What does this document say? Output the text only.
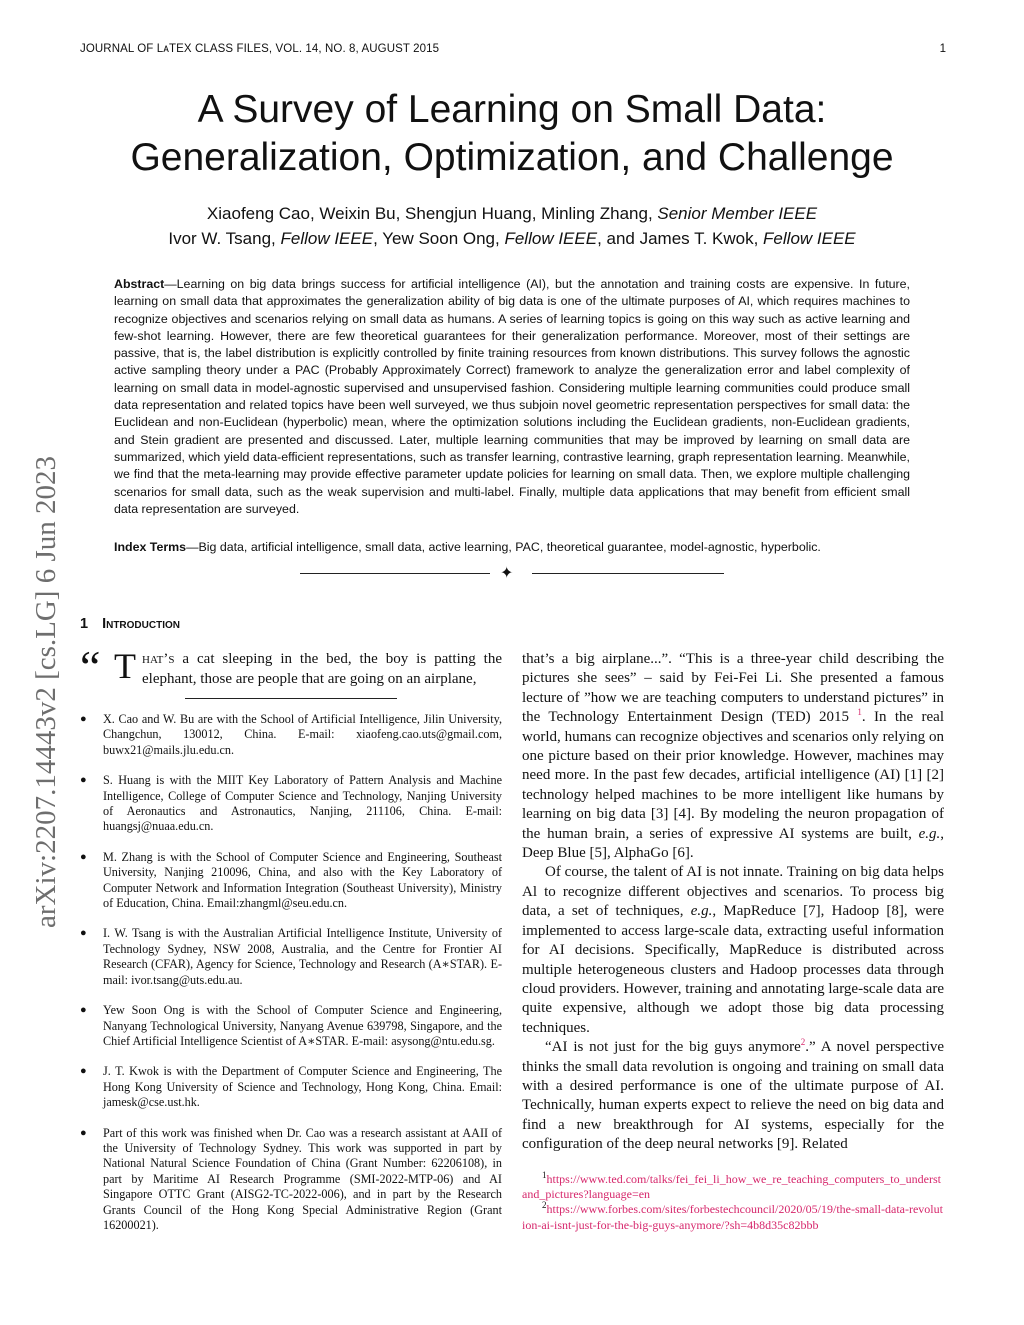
JOURNAL OF LᴀTEX CLASS FILES, VOL. 14, NO. 8, AUGUST 2015	1
arXiv:2207.14443v2 [cs.LG] 6 Jun 2023
A Survey of Learning on Small Data:
Generalization, Optimization, and Challenge
Xiaofeng Cao, Weixin Bu, Shengjun Huang, Minling Zhang, Senior Member IEEE
Ivor W. Tsang, Fellow IEEE, Yew Soon Ong, Fellow IEEE, and James T. Kwok, Fellow IEEE
Abstract—Learning on big data brings success for artificial intelligence (AI), but the annotation and training costs are expensive. In future, learning on small data that approximates the generalization ability of big data is one of the ultimate purposes of AI, which requires machines to recognize objectives and scenarios relying on small data as humans. A series of learning topics is going on this way such as active learning and few-shot learning. However, there are few theoretical guarantees for their generalization performance. Moreover, most of their settings are passive, that is, the label distribution is explicitly controlled by finite training resources from known distributions. This survey follows the agnostic active sampling theory under a PAC (Probably Approximately Correct) framework to analyze the generalization error and label complexity of learning on small data in model-agnostic supervised and unsupervised fashion. Considering multiple learning communities could produce small data representation and related topics have been well surveyed, we thus subjoin novel geometric representation perspectives for small data: the Euclidean and non-Euclidean (hyperbolic) mean, where the optimization solutions including the Euclidean gradients, non-Euclidean gradients, and Stein gradient are presented and discussed. Later, multiple learning communities that may be improved by learning on small data are summarized, which yield data-efficient representations, such as transfer learning, contrastive learning, graph representation learning. Meanwhile, we find that the meta-learning may provide effective parameter update policies for learning on small data. Then, we explore multiple challenging scenarios for small data, such as the weak supervision and multi-label. Finally, multiple data applications that may benefit from efficient small data representation are surveyed.
Index Terms—Big data, artificial intelligence, small data, active learning, PAC, theoretical guarantee, model-agnostic, hyperbolic.
✦
1 Introduction
“ T hat’s a cat sleeping in the bed, the boy is patting the elephant, those are people that are going on an airplane,
● X. Cao and W. Bu are with the School of Artificial Intelligence, Jilin University, Changchun, 130012, China. E-mail: xiaofeng.cao.uts@gmail.com, buwx21@mails.jlu.edu.cn.
● S. Huang is with the MIIT Key Laboratory of Pattern Analysis and Machine Intelligence, College of Computer Science and Technology, Nanjing University of Aeronautics and Astronautics, Nanjing, 211106, China. E-mail: huangsj@nuaa.edu.cn.
● M. Zhang is with the School of Computer Science and Engineering, Southeast University, Nanjing 210096, China, and also with the Key Laboratory of Computer Network and Information Integration (Southeast University), Ministry of Education, China. Email:zhangml@seu.edu.cn.
● I. W. Tsang is with the Australian Artificial Intelligence Institute, University of Technology Sydney, NSW 2008, Australia, and the Centre for Frontier AI Research (CFAR), Agency for Science, Technology and Research (A∗STAR). E-mail: ivor.tsang@uts.edu.au.
● Yew Soon Ong is with the School of Computer Science and Engineering, Nanyang Technological University, Nanyang Avenue 639798, Singapore, and the Chief Artificial Intelligence Scientist of A∗STAR. E-mail: asysong@ntu.edu.sg.
● J. T. Kwok is with the Department of Computer Science and Engineering, The Hong Kong University of Science and Technology, Hong Kong, China. Email: jamesk@cse.ust.hk.
● Part of this work was finished when Dr. Cao was a research assistant at AAII of the University of Technology Sydney. This work was supported in part by National Natural Science Foundation of China (Grant Number: 62206108), in part by Maritime AI Research Programme (SMI-2022-MTP-06) and AI Singapore OTTC Grant (AISG2-TC-2022-006), and in part by the Research Grants Council of the Hong Kong Special Administrative Region (Grant 16200021).

that’s a big airplane...”. “This is a three-year child describing the pictures she sees” – said by Fei-Fei Li. She presented a famous lecture of ”how we are teaching computers to understand pictures” in the Technology Entertainment Design (TED) 2015 $^1$. In the real world, humans can recognize objectives and scenarios only relying on one picture based on their prior knowledge. However, machines may need more. In the past few decades, artificial intelligence (AI) [1] [2] technology helped machines to be more intelligent like humans by learning on big data [3] [4]. By modeling the neuron propagation of the human brain, a series of expressive AI systems are built, e.g., Deep Blue [5], AlphaGo [6].

Of course, the talent of AI is not innate. Training on big data helps Al to recognize different objectives and scenarios. To process big data, a set of techniques, e.g., MapReduce [7], Hadoop [8], were implemented to access large-scale data, extracting useful information for AI decisions. Specifically, MapReduce is distributed across multiple heterogeneous clusters and Hadoop processes data through cloud providers. However, training and annotating large-scale data are quite expensive, although we adopt those big data processing techniques.

“AI is not just for the big guys anymore$^2$.” A novel perspective thinks the small data revolution is ongoing and training on small data with a desired performance is one of the ultimate purpose of AI. Technically, human experts expect to relieve the need on big data and find a new breakthrough for AI systems, especially for the configuration of the deep neural networks [9]. Related

$^1$https://www.ted.com/talks/fei_fei_li_how_we_re_teaching_computers_to_understand_pictures?language=en

$^2$https://www.forbes.com/sites/forbestechcouncil/2020/05/19/the-small-data-revolution-ai-isnt-just-for-the-big-guys-anymore/?sh=4b8d35c82bbb
